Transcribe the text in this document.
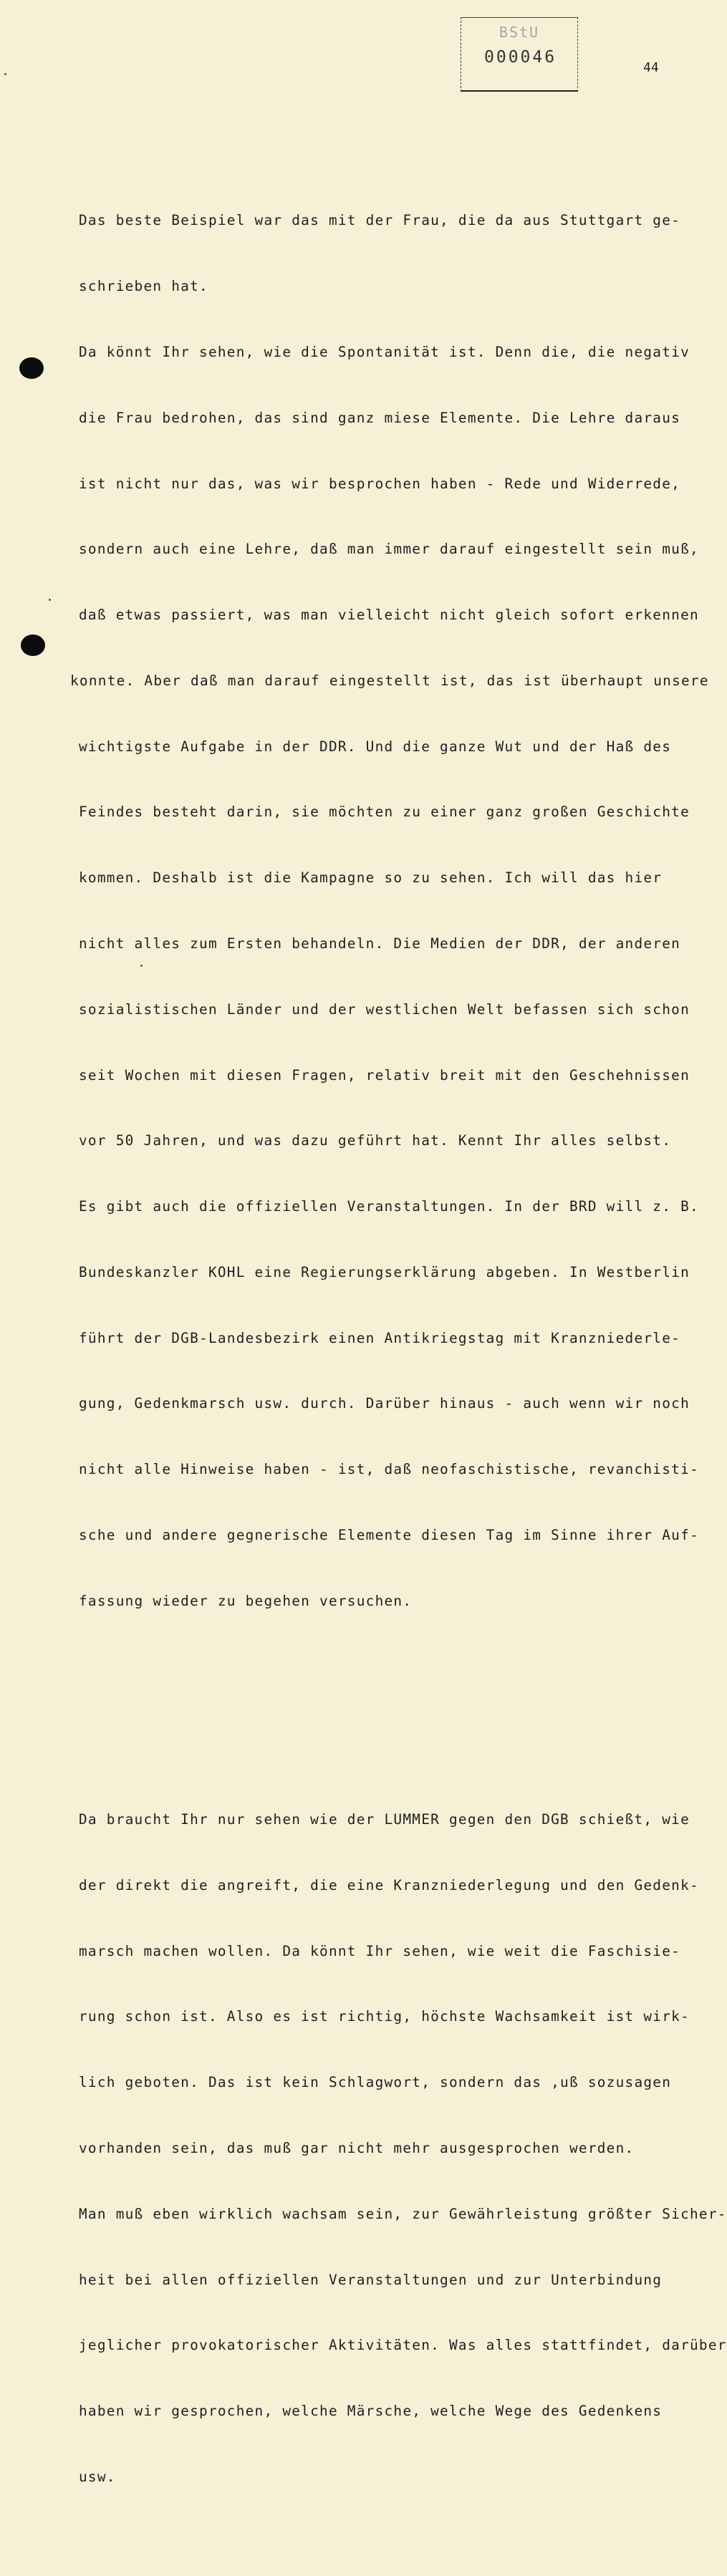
BStU
000046
44

Das beste Beispiel war das mit der Frau, die da aus Stuttgart ge-

schrieben hat.

Da könnt Ihr sehen, wie die Spontanität ist. Denn die, die negativ

die Frau bedrohen, das sind ganz miese Elemente. Die Lehre daraus

ist nicht nur das, was wir besprochen haben - Rede und Widerrede,

sondern auch eine Lehre, daß man immer darauf eingestellt sein muß,

daß etwas passiert, was man vielleicht nicht gleich sofort erkennen

konnte. Aber daß man darauf eingestellt ist, das ist überhaupt unsere

wichtigste Aufgabe in der DDR. Und die ganze Wut und der Haß des

Feindes besteht darin, sie möchten zu einer ganz großen Geschichte

kommen. Deshalb ist die Kampagne so zu sehen. Ich will das hier

nicht alles zum Ersten behandeln. Die Medien der DDR, der anderen

sozialistischen Länder und der westlichen Welt befassen sich schon

seit Wochen mit diesen Fragen, relativ breit mit den Geschehnissen

vor 50 Jahren, und was dazu geführt hat. Kennt Ihr alles selbst.

Es gibt auch die offiziellen Veranstaltungen. In der BRD will z. B.

Bundeskanzler KOHL eine Regierungserklärung abgeben. In Westberlin

führt der DGB-Landesbezirk einen Antikriegstag mit Kranzniederle-

gung, Gedenkmarsch usw. durch. Darüber hinaus - auch wenn wir noch

nicht alle Hinweise haben - ist, daß neofaschistische, revanchisti-

sche und andere gegnerische Elemente diesen Tag im Sinne ihrer Auf-

fassung wieder zu begehen versuchen.

Da braucht Ihr nur sehen wie der LUMMER gegen den DGB schießt, wie

der direkt die angreift, die eine Kranzniederlegung und den Gedenk-

marsch machen wollen. Da könnt Ihr sehen, wie weit die Faschisie-

rung schon ist. Also es ist richtig, höchste Wachsamkeit ist wirk-

lich geboten. Das ist kein Schlagwort, sondern das ,uß sozusagen

vorhanden sein, das muß gar nicht mehr ausgesprochen werden.

Man muß eben wirklich wachsam sein, zur Gewährleistung größter Sicher-

heit bei allen offiziellen Veranstaltungen und zur Unterbindung

jeglicher provokatorischer Aktivitäten. Was alles stattfindet, darüber

haben wir gesprochen, welche Märsche, welche Wege des Gedenkens

usw.
